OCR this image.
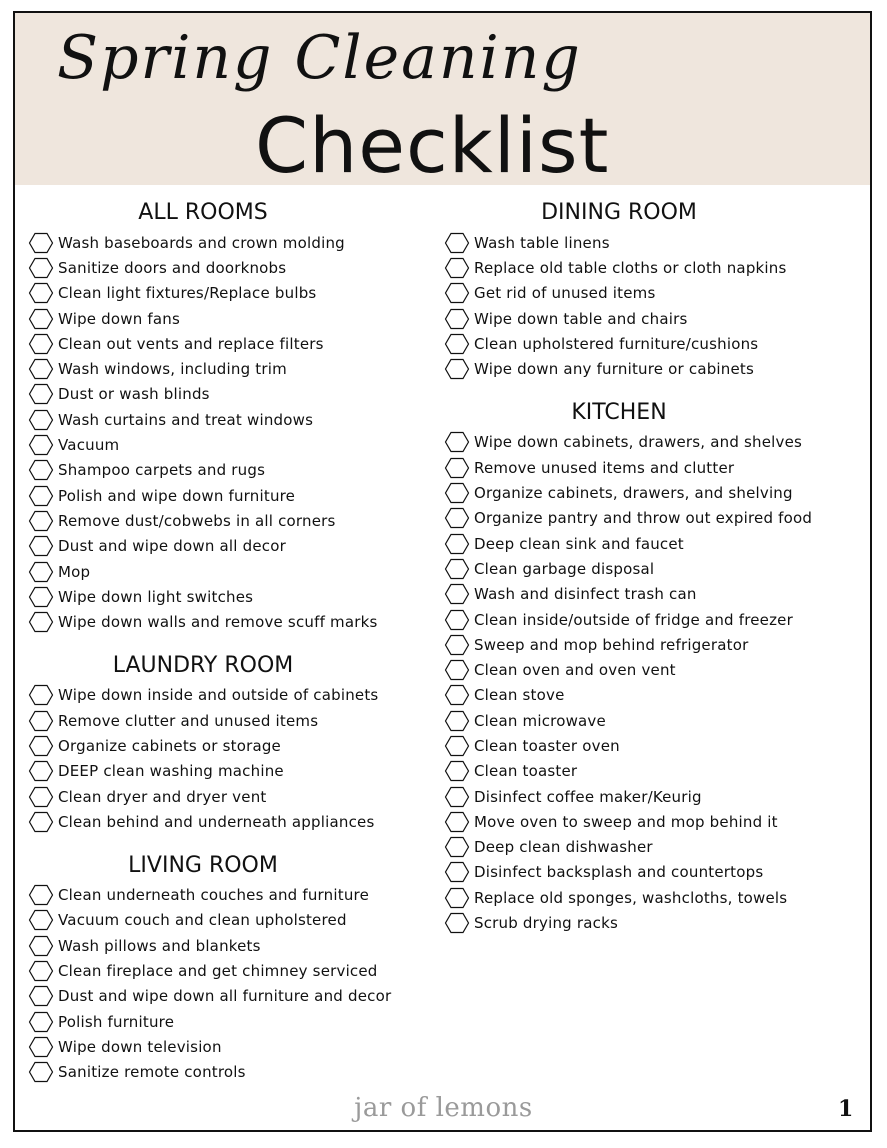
Spring Cleaning
Checklist
ALL ROOMS
Wash baseboards and crown molding
Sanitize doors and doorknobs
Clean light fixtures/Replace bulbs
Wipe down fans
Clean out vents and replace filters
Wash windows, including trim
Dust or wash blinds
Wash curtains and treat windows
Vacuum
Shampoo carpets and rugs
Polish and wipe down furniture
Remove dust/cobwebs in all corners
Dust and wipe down all decor
Mop
Wipe down light switches
Wipe down walls and remove scuff marks
LAUNDRY ROOM
Wipe down inside and outside of cabinets
Remove clutter and unused items
Organize cabinets or storage
DEEP clean washing machine
Clean dryer and dryer vent
Clean behind and underneath appliances
LIVING ROOM
Clean underneath couches and furniture
Vacuum couch and clean upholstered
Wash pillows and blankets
Clean fireplace and get chimney serviced
Dust and wipe down all furniture and decor
Polish furniture
Wipe down television
Sanitize remote controls
DINING ROOM
Wash table linens
Replace old table cloths or cloth napkins
Get rid of unused items
Wipe down table and chairs
Clean upholstered furniture/cushions
Wipe down any furniture or cabinets
KITCHEN
Wipe down cabinets, drawers, and shelves
Remove unused items and clutter
Organize cabinets, drawers, and shelving
Organize pantry and throw out expired food
Deep clean sink and faucet
Clean garbage disposal
Wash and disinfect trash can
Clean inside/outside of fridge and freezer
Sweep and mop behind refrigerator
Clean oven and oven vent
Clean stove
Clean microwave
Clean toaster oven
Clean toaster
Disinfect coffee maker/Keurig
Move oven to sweep and mop behind it
Deep clean dishwasher
Disinfect backsplash and countertops
Replace old sponges, washcloths, towels
Scrub drying racks
jar of lemons	1
